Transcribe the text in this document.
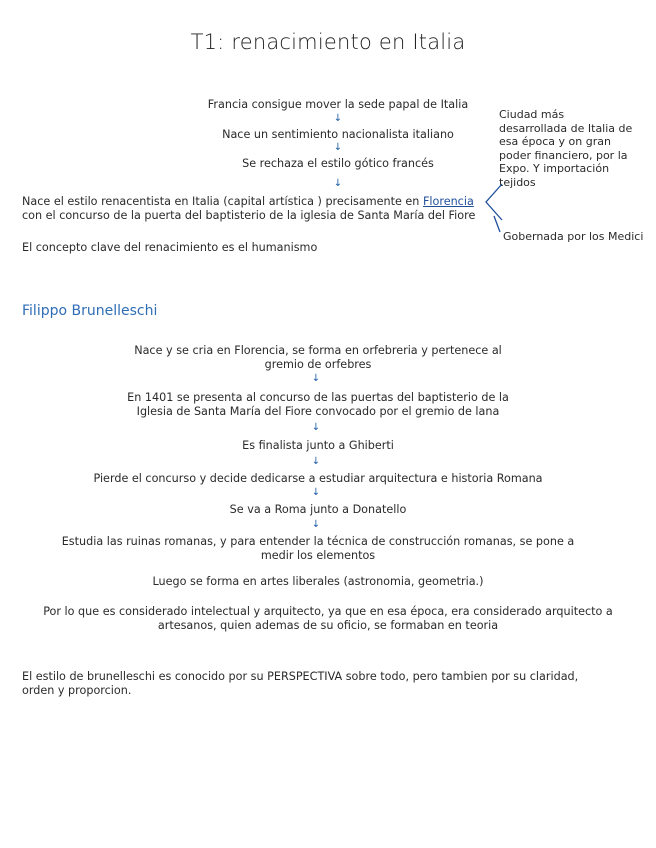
T1: renacimiento en Italia
Francia consigue mover la sede papal de Italia
↓
Nace un sentimiento nacionalista italiano
↓
Se rechaza el estilo gótico francés
↓
Nace el estilo renacentista en Italia (capital artística ) precisamente en Florencia
con el concurso de la puerta del baptisterio de la iglesia de Santa María del Fiore
El concepto clave del renacimiento es el humanismo
Ciudad más
desarrollada de Italia de
esa época y on gran
poder financiero, por la
Expo. Y importación
tejidos
Gobernada por los Medici
Filippo Brunelleschi
Nace y se cria en Florencia, se forma en orfebreria y pertenece al
gremio de orfebres
↓
En 1401 se presenta al concurso de las puertas del baptisterio de la
Iglesia de Santa María del Fiore convocado por el gremio de lana
↓
Es finalista junto a Ghiberti
↓
Pierde el concurso y decide dedicarse a estudiar arquitectura e historia Romana
↓
Se va a Roma junto a Donatello
↓
Estudia las ruinas romanas, y para entender la técnica de construcción romanas, se pone a
medir los elementos
Luego se forma en artes liberales (astronomia, geometria.)
Por lo que es considerado intelectual y arquitecto, ya que en esa época, era considerado arquitecto a
artesanos, quien ademas de su oficio, se formaban en teoria
El estilo de brunelleschi es conocido por su PERSPECTIVA sobre todo, pero tambien por su claridad,
orden y proporcion.
